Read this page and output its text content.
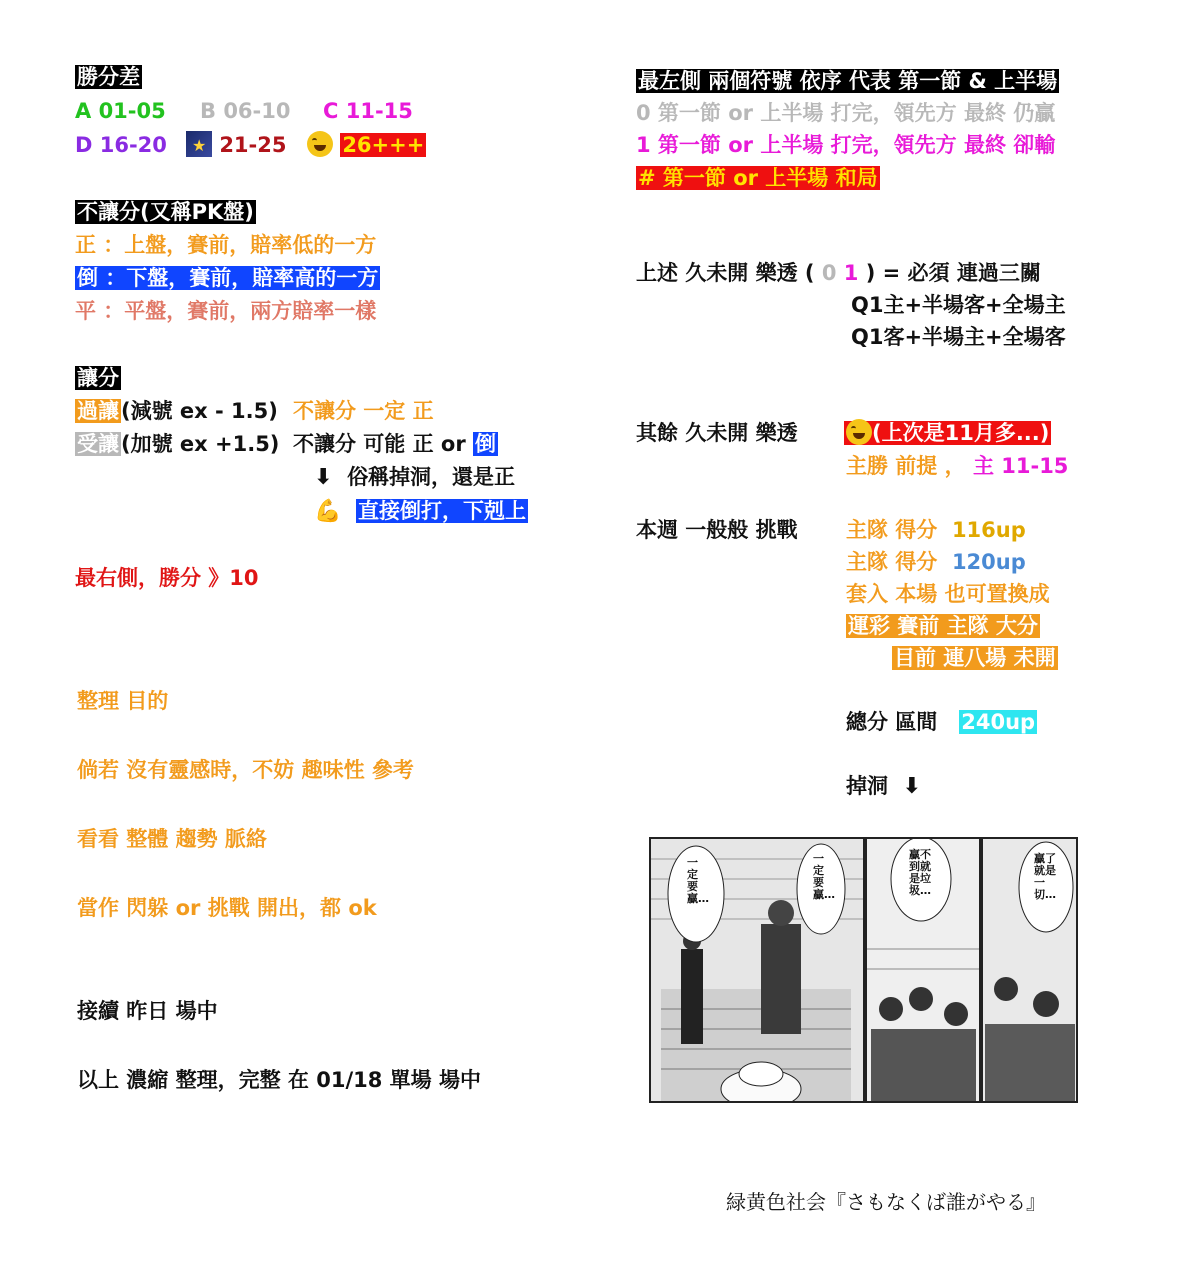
勝分差
A 01-05 B 06-10 C 11-15
D 16-20
★	21-25	26+++
不讓分(又稱PK盤)
正 ：上盤，賽前，賠率低的一方
倒 ：下盤，賽前，賠率高的一方
平 ：平盤，賽前，兩方賠率一樣
讓分
過讓(減號 ex - 1.5) 不讓分 一定 正
受讓(加號 ex +1.5) 不讓分 可能 正 or 倒
⬇ 俗稱掉洞，還是正
💪 直接倒打，下剋上
最右側，勝分 》10
整理 目的
倘若 沒有靈感時，不妨 趣味性 參考
看看 整體 趨勢 脈絡
當作 閃躲 or 挑戰 開出，都 ok
接續 昨日 場中
以上 濃縮 整理，完整 在 01/18 單場 場中
最左側 兩個符號 依序 代表 第一節 & 上半場
0 第一節 or 上半場 打完，領先方 最終 仍贏
1 第一節 or 上半場 打完，領先方 最終 卻輸
# 第一節 or 上半場 和局
上述 久未開 樂透 ( 0 1 ) = 必須 連過三關
Q1主+半場客+全場主
Q1客+半場主+全場客
其餘 久未開 樂透	(上次是11月多...)
主勝 前提 ， 主 11-15
本週 一般般 挑戰 主隊 得分 116up
主隊 得分 120up
套入 本場 也可置換成
運彩 賽前 主隊 大分
目前 連八場 未開
總分 區間 240up
掉洞 ⬇
一定要贏…
一定要贏…
贏不到就是垃圾…
贏了就是一切…
緑黄色社会『さもなくば誰がやる』
